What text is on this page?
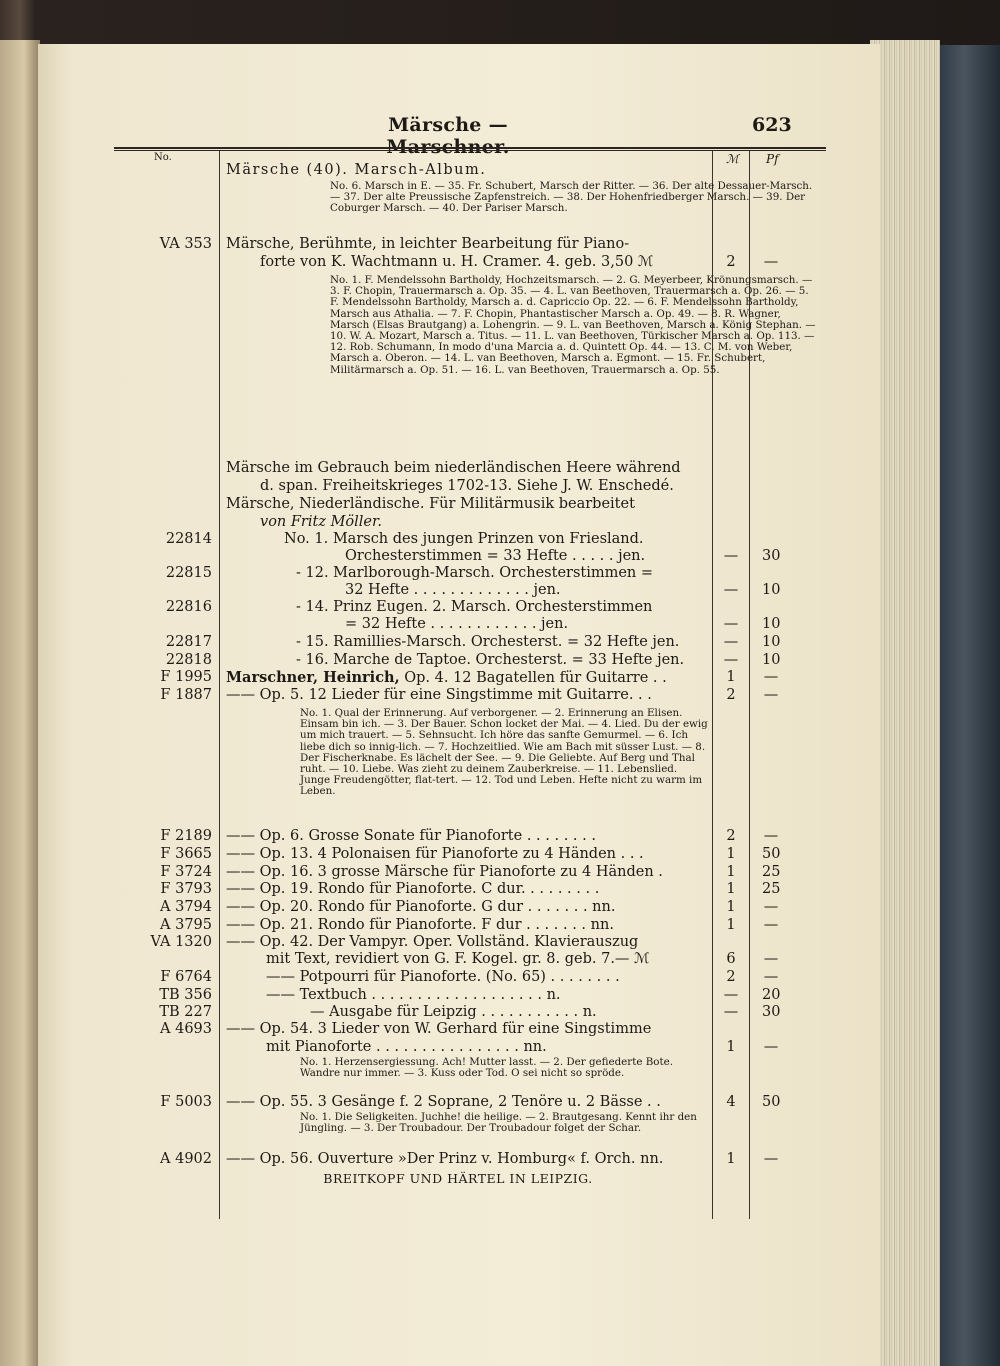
Märsche —	623
No.	ℳ Pf
Märsche (40). Marsch-Album.
No. 6. Marsch in E. — 35. Fr. Schubert, Marsch der Ritter. — 36. Der alte Dessauer-Marsch. — 37. Der alte Preussische Zapfenstreich. — 38. Der Hohenfriedberger Marsch. — 39. Der Coburger Marsch. — 40. Der Pariser Marsch.
VA 353 Märsche, Berühmte, in leichter Bearbeitung für Piano-
forte von K. Wachtmann u. H. Cramer. 4. geb. 3,50 ℳ	2	—
No. 1. F. Mendelssohn Bartholdy, Hochzeitsmarsch. — 2. G. Meyerbeer, Krönungsmarsch. — 3. F. Chopin, Trauermarsch a. Op. 35. — 4. L. van Beethoven, Trauermarsch a. Op. 26. — 5. F. Mendelssohn Bartholdy, Marsch a. d. Capriccio Op. 22. — 6. F. Mendelssohn Bartholdy, Marsch aus Athalia. — 7. F. Chopin, Phantastischer Marsch a. Op. 49. — 8. R. Wagner, Marsch (Elsas Brautgang) a. Lohengrin. — 9. L. van Beethoven, Marsch a. König Stephan. — 10. W. A. Mozart, Marsch a. Titus. — 11. L. van Beethoven, Türkischer Marsch a. Op. 113. — 12. Rob. Schumann, In modo d'una Marcia a. d. Quintett Op. 44. — 13. C. M. von Weber, Marsch a. Oberon. — 14. L. van Beethoven, Marsch a. Egmont. — 15. Fr. Schubert, Militärmarsch a. Op. 51. — 16. L. van Beethoven, Trauermarsch a. Op. 55.
Märsche im Gebrauch beim niederländischen Heere während
d. span. Freiheitskrieges 1702-13. Siehe J. W. Enschedé.
Märsche, Niederländische. Für Militärmusik bearbeitet
von Fritz Möller.
22814	No. 1. Marsch des jungen Prinzen von Friesland.
Orchesterstimmen = 33 Hefte . . . . . jen.	— 30
22815	- 12. Marlborough-Marsch. Orchesterstimmen =
32 Hefte . . . . . . . . . . . . . jen.	— 10
22816	- 14. Prinz Eugen. 2. Marsch. Orchesterstimmen
= 32 Hefte . . . . . . . . . . . . jen.	— 10
22817	- 15. Ramillies-Marsch. Orchesterst. = 32 Hefte jen.	— 10
22818	- 16. Marche de Taptoe. Orchesterst. = 33 Hefte jen.	— 10
F 1995 Marschner, Heinrich, Op. 4. 12 Bagatellen für Guitarre . .	1	—
F 1887 —— Op. 5. 12 Lieder für eine Singstimme mit Guitarre. . .	2	—
No. 1. Qual der Erinnerung. Auf verborgener. — 2. Erinnerung an Elisen. Einsam bin ich. — 3. Der Bauer. Schon locket der Mai. — 4. Lied. Du der ewig um mich trauert. — 5. Sehnsucht. Ich höre das sanfte Gemurmel. — 6. Ich liebe dich so innig-lich. — 7. Hochzeitlied. Wie am Bach mit süsser Lust. — 8. Der Fischerknabe. Es lächelt der See. — 9. Die Geliebte. Auf Berg und Thal ruht. — 10. Liebe. Was zieht zu deinem Zauberkreise. — 11. Lebenslied. Junge Freudengötter, flat-tert. — 12. Tod und Leben. Hefte nicht zu warm im Leben.
F 2189 —— Op. 6. Grosse Sonate für Pianoforte . . . . . . . .	2	—
F 3665 —— Op. 13. 4 Polonaisen für Pianoforte zu 4 Händen . . .	1	50
F 3724 —— Op. 16. 3 grosse Märsche für Pianoforte zu 4 Händen .	1	25
F 3793 —— Op. 19. Rondo für Pianoforte. C dur. . . . . . . . .	1	25
A 3794 —— Op. 20. Rondo für Pianoforte. G dur . . . . . . . nn.	1	—
A 3795 —— Op. 21. Rondo für Pianoforte. F dur . . . . . . . nn.	1	—
VA 1320 —— Op. 42. Der Vampyr. Oper. Vollständ. Klavierauszug
mit Text, revidiert von G. F. Kogel. gr. 8. geb. 7.— ℳ	6	—
F 6764	—— Potpourri für Pianoforte. (No. 65) . . . . . . . .	2	—
TB 356	—— Textbuch . . . . . . . . . . . . . . . . . . . n.	— 20
TB 227	— Ausgabe für Leipzig . . . . . . . . . . . n.	— 30
A 4693 —— Op. 54. 3 Lieder von W. Gerhard für eine Singstimme
mit Pianoforte . . . . . . . . . . . . . . . . nn.	1	—
No. 1. Herzensergiessung. Ach! Mutter lasst. — 2. Der gefiederte Bote. Wandre nur immer. — 3. Kuss oder Tod. O sei nicht so spröde.
F 5003 —— Op. 55. 3 Gesänge f. 2 Soprane, 2 Tenöre u. 2 Bässe . .	4	50
No. 1. Die Seligkeiten. Juchhe! die heilige. — 2. Brautgesang. Kennt ihr den Jüngling. — 3. Der Troubadour. Der Troubadour folget der Schar.
A 4902 —— Op. 56. Ouverture »Der Prinz v. Homburg« f. Orch. nn.	1	—
BREITKOPF UND HÄRTEL IN LEIPZIG.
